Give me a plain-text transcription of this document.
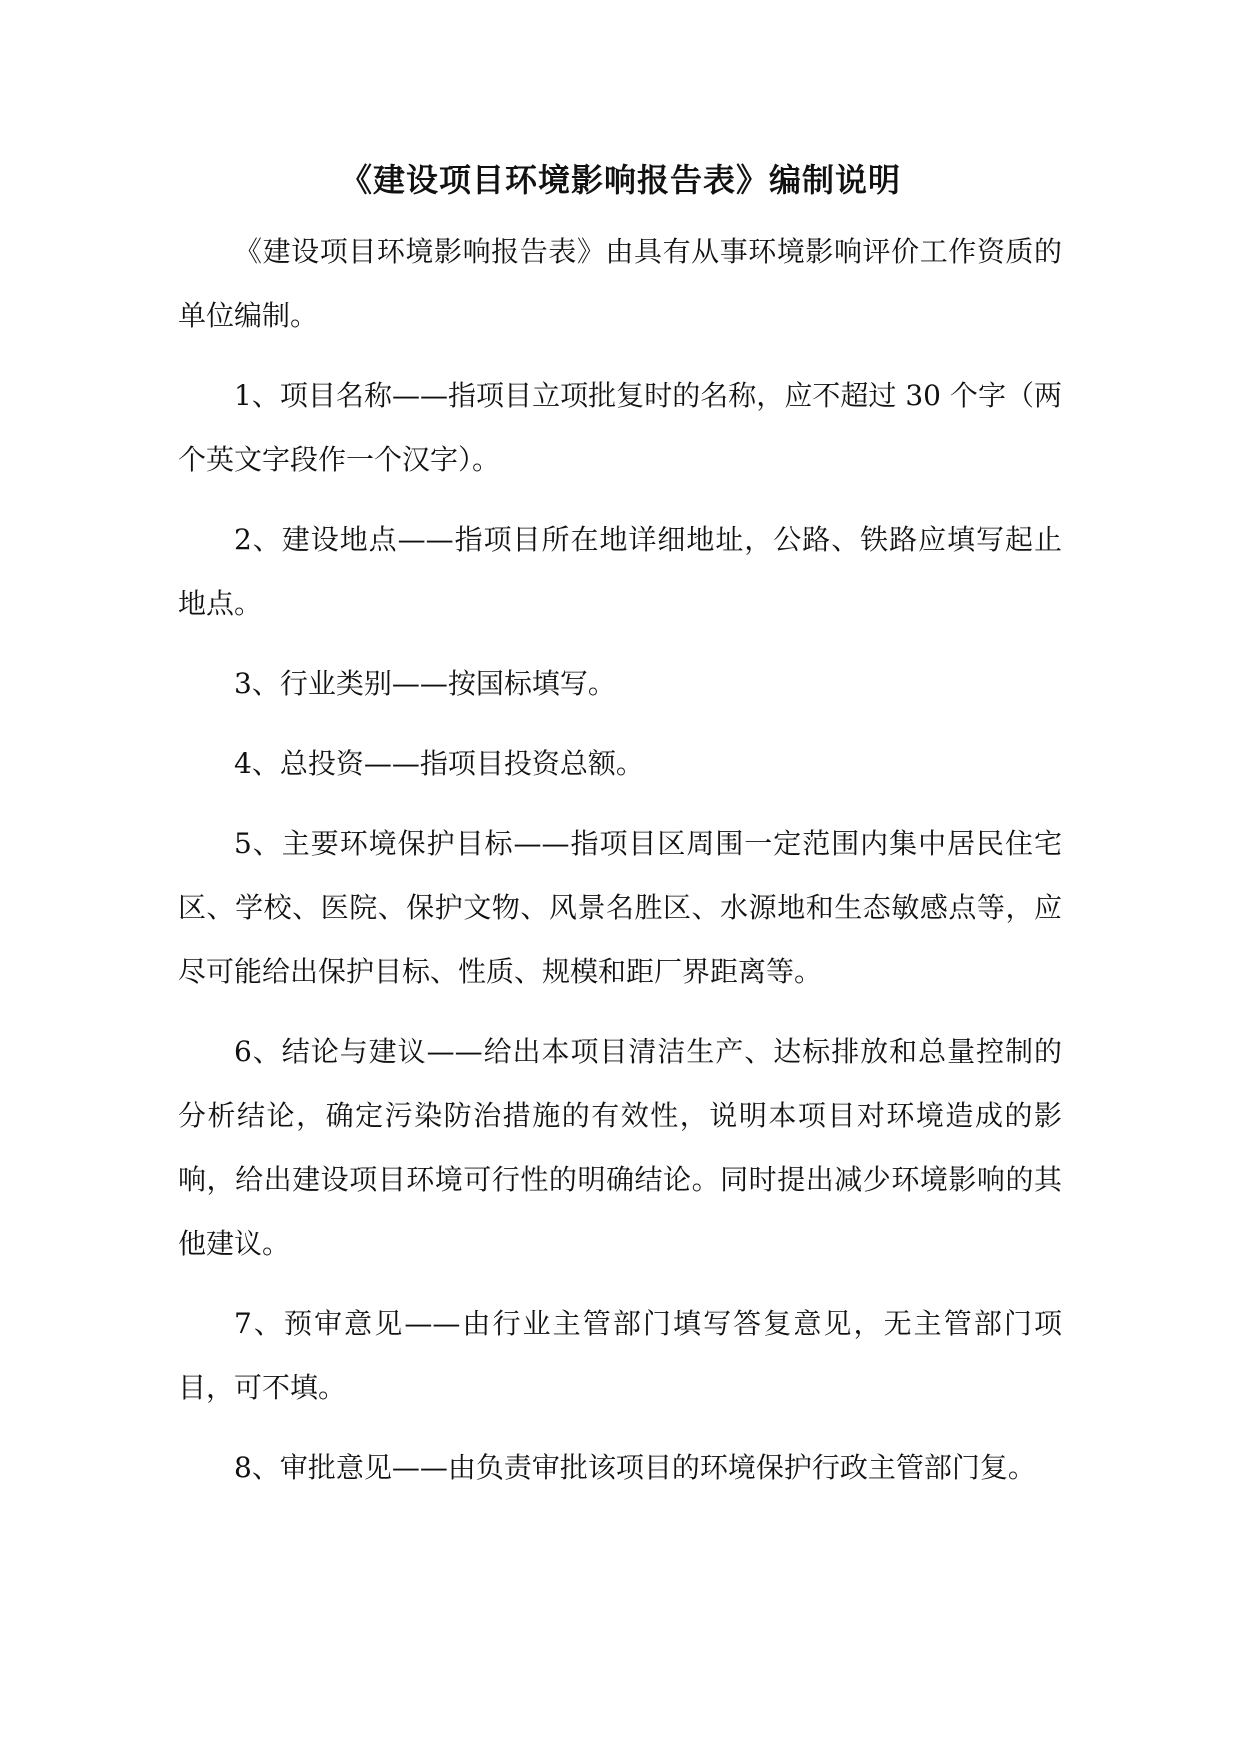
《建设项目环境影响报告表》编制说明

《建设项目环境影响报告表》由具有从事环境影响评价工作资质的单位编制。

1、项目名称——指项目立项批复时的名称，应不超过 30 个字（两个英文字段作一个汉字）。

2、建设地点——指项目所在地详细地址，公路、铁路应填写起止地点。

3、行业类别——按国标填写。

4、总投资——指项目投资总额。

5、主要环境保护目标——指项目区周围一定范围内集中居民住宅区、学校、医院、保护文物、风景名胜区、水源地和生态敏感点等，应尽可能给出保护目标、性质、规模和距厂界距离等。

6、结论与建议——给出本项目清洁生产、达标排放和总量控制的分析结论，确定污染防治措施的有效性，说明本项目对环境造成的影响，给出建设项目环境可行性的明确结论。同时提出减少环境影响的其他建议。

7、预审意见——由行业主管部门填写答复意见，无主管部门项目，可不填。

8、审批意见——由负责审批该项目的环境保护行政主管部门复。
